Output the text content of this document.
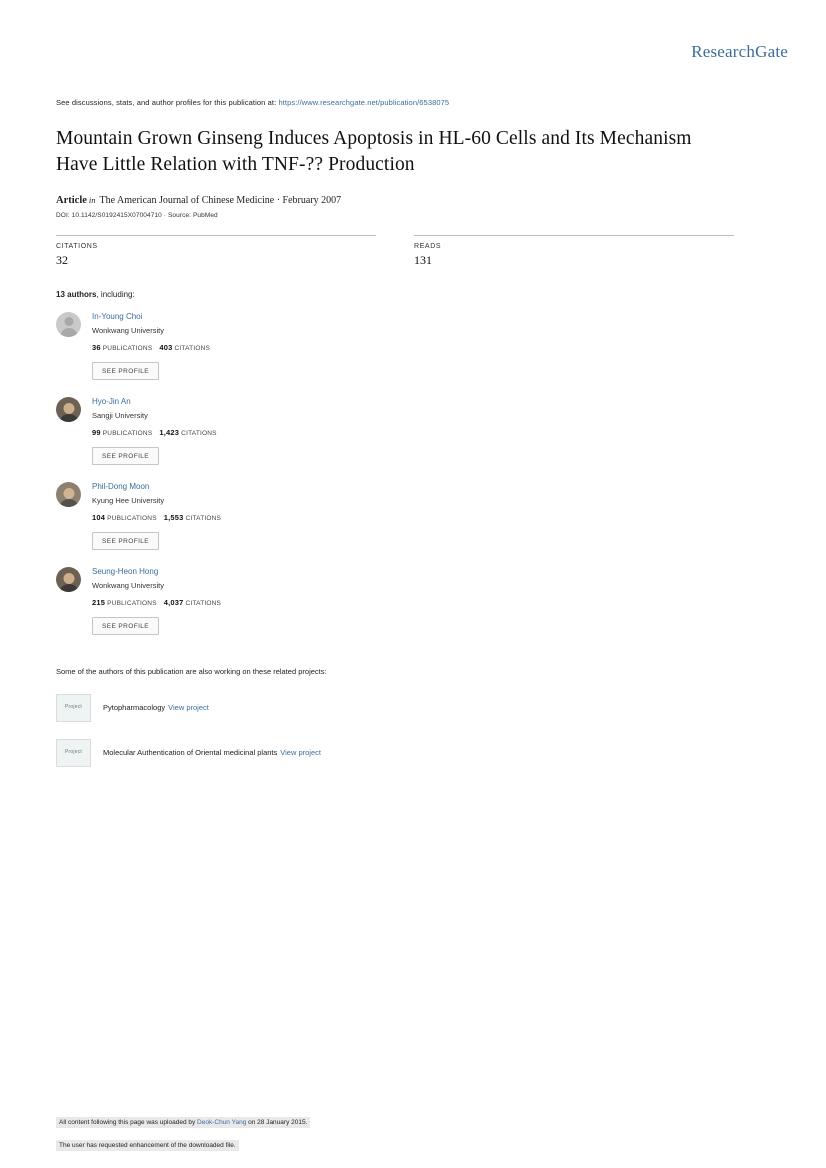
ResearchGate
See discussions, stats, and author profiles for this publication at: https://www.researchgate.net/publication/6538075
Mountain Grown Ginseng Induces Apoptosis in HL-60 Cells and Its Mechanism Have Little Relation with TNF-?? Production
Article in The American Journal of Chinese Medicine · February 2007
DOI: 10.1142/S0192415X07004710 · Source: PubMed
CITATIONS
32
READS
131
13 authors, including:
In-Young Choi
Wonkwang University
36 PUBLICATIONS 403 CITATIONS
SEE PROFILE
Hyo-Jin An
Sangji University
99 PUBLICATIONS 1,423 CITATIONS
SEE PROFILE
Phil-Dong Moon
Kyung Hee University
104 PUBLICATIONS 1,553 CITATIONS
SEE PROFILE
Seung-Heon Hong
Wonkwang University
215 PUBLICATIONS 4,037 CITATIONS
SEE PROFILE
Some of the authors of this publication are also working on these related projects:
Project	Pytopharmacology View project
Project	Molecular Authentication of Oriental medicinal plants View project
All content following this page was uploaded by Deok-Chun Yang on 28 January 2015.
The user has requested enhancement of the downloaded file.
